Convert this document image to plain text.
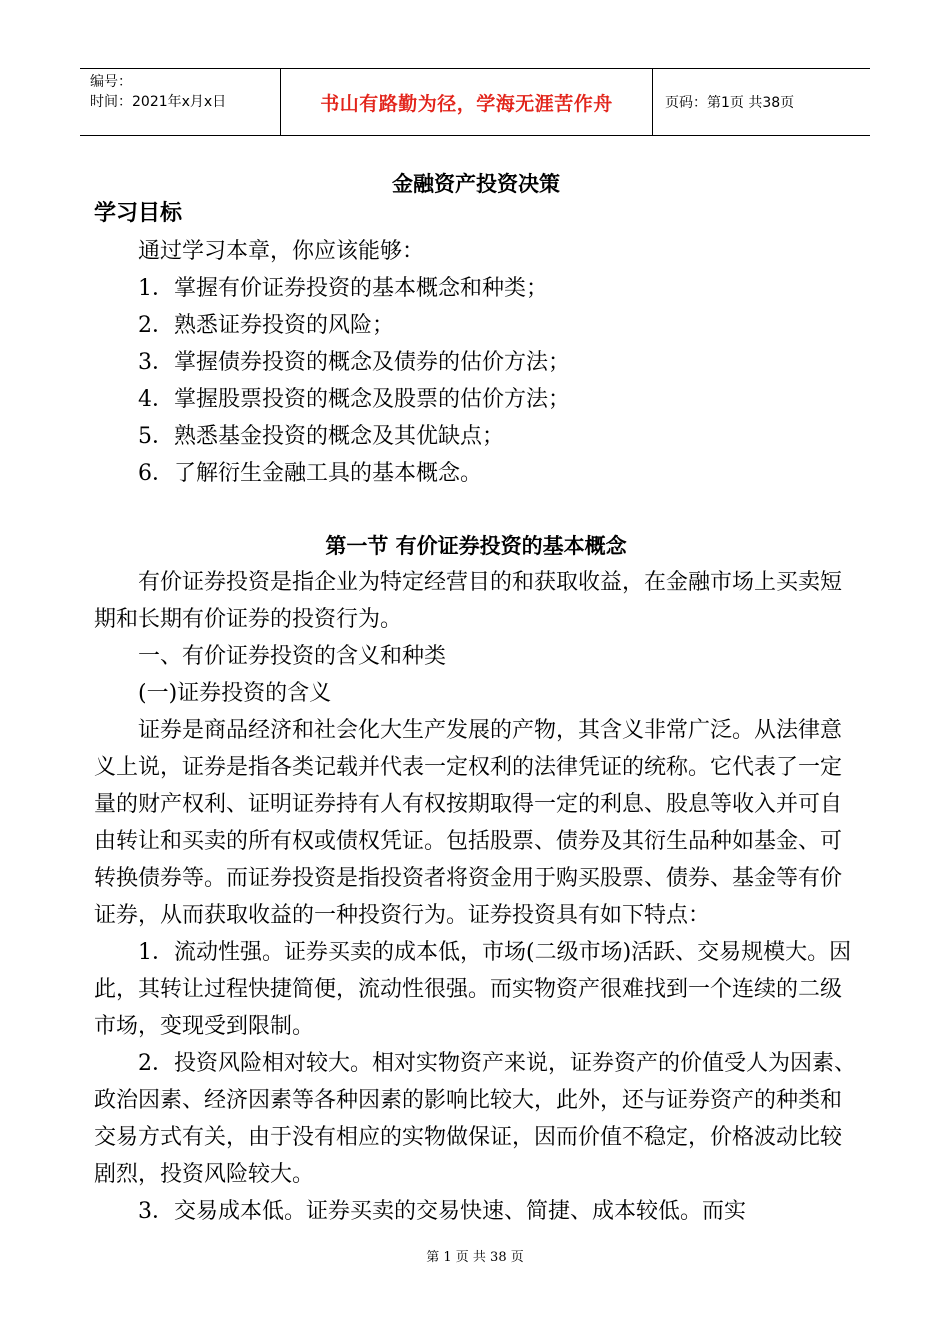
编号：
时间：2021年x月x日	书山有路勤为径，学海无涯苦作舟	页码：第1页 共38页
金融资产投资决策
学习目标

通过学习本章，你应该能够：

1．掌握有价证券投资的基本概念和种类；

2．熟悉证券投资的风险；

3．掌握债券投资的概念及债券的估价方法；

4．掌握股票投资的概念及股票的估价方法；

5．熟悉基金投资的概念及其优缺点；

6．了解衍生金融工具的基本概念。

第一节 有价证券投资的基本概念

有价证券投资是指企业为特定经营目的和获取收益，在金融市场上买卖短期和长期有价证券的投资行为。

一、有价证券投资的含义和种类

(一)证券投资的含义

证券是商品经济和社会化大生产发展的产物，其含义非常广泛。从法律意义上说，证券是指各类记载并代表一定权利的法律凭证的统称。它代表了一定量的财产权利、证明证券持有人有权按期取得一定的利息、股息等收入并可自由转让和买卖的所有权或债权凭证。包括股票、债券及其衍生品种如基金、可转换债券等。而证券投资是指投资者将资金用于购买股票、债券、基金等有价证券，从而获取收益的一种投资行为。证券投资具有如下特点：

1．流动性强。证券买卖的成本低，市场(二级市场)活跃、交易规模大。因此，其转让过程快捷简便，流动性很强。而实物资产很难找到一个连续的二级市场，变现受到限制。

2．投资风险相对较大。相对实物资产来说，证券资产的价值受人为因素、政治因素、经济因素等各种因素的影响比较大，此外，还与证券资产的种类和交易方式有关，由于没有相应的实物做保证，因而价值不稳定，价格波动比较剧烈，投资风险较大。

3．交易成本低。证券买卖的交易快速、简捷、成本较低。而实

第 1 页 共 38 页
